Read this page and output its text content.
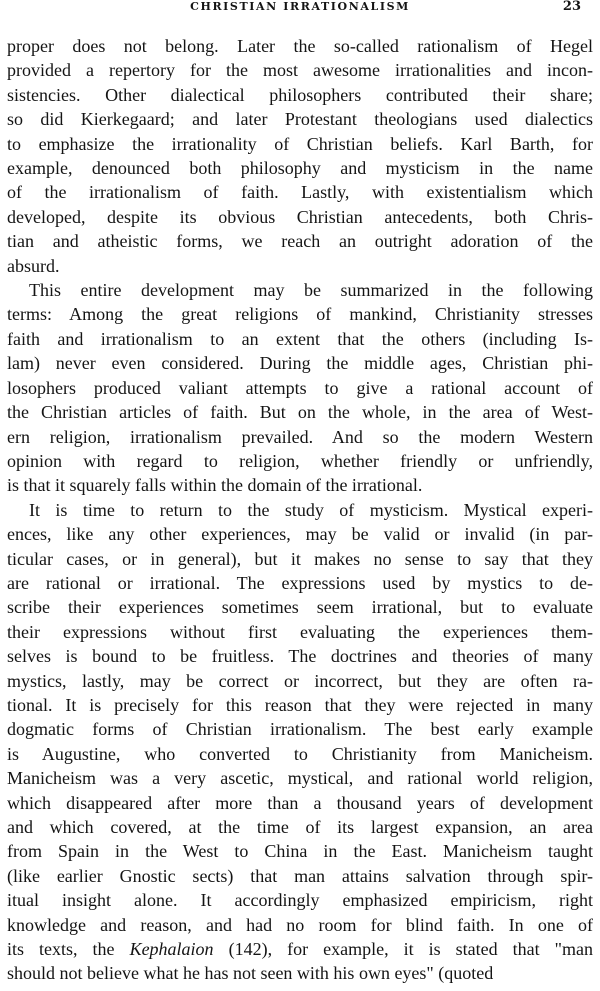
CHRISTIAN IRRATIONALISM	23

proper does not belong. Later the so-called rationalism of Hegel
provided a repertory for the most awesome irrationalities and incon-
sistencies. Other dialectical philosophers contributed their share;
so did Kierkegaard; and later Protestant theologians used dialectics
to emphasize the irrationality of Christian beliefs. Karl Barth, for
example, denounced both philosophy and mysticism in the name
of the irrationalism of faith. Lastly, with existentialism which
developed, despite its obvious Christian antecedents, both Chris-
tian and atheistic forms, we reach an outright adoration of the
absurd.

This entire development may be summarized in the following
terms: Among the great religions of mankind, Christianity stresses
faith and irrationalism to an extent that the others (including Is-
lam) never even considered. During the middle ages, Christian phi-
losophers produced valiant attempts to give a rational account of
the Christian articles of faith. But on the whole, in the area of West-
ern religion, irrationalism prevailed. And so the modern Western
opinion with regard to religion, whether friendly or unfriendly,
is that it squarely falls within the domain of the irrational.

It is time to return to the study of mysticism. Mystical experi-
ences, like any other experiences, may be valid or invalid (in par-
ticular cases, or in general), but it makes no sense to say that they
are rational or irrational. The expressions used by mystics to de-
scribe their experiences sometimes seem irrational, but to evaluate
their expressions without first evaluating the experiences them-
selves is bound to be fruitless. The doctrines and theories of many
mystics, lastly, may be correct or incorrect, but they are often ra-
tional. It is precisely for this reason that they were rejected in many
dogmatic forms of Christian irrationalism. The best early example
is Augustine, who converted to Christianity from Manicheism.
Manicheism was a very ascetic, mystical, and rational world religion,
which disappeared after more than a thousand years of development
and which covered, at the time of its largest expansion, an area
from Spain in the West to China in the East. Manicheism taught
(like earlier Gnostic sects) that man attains salvation through spir-
itual insight alone. It accordingly emphasized empiricism, right
knowledge and reason, and had no room for blind faith. In one of
its texts, the Kephalaion (142), for example, it is stated that "man
should not believe what he has not seen with his own eyes" (quoted
